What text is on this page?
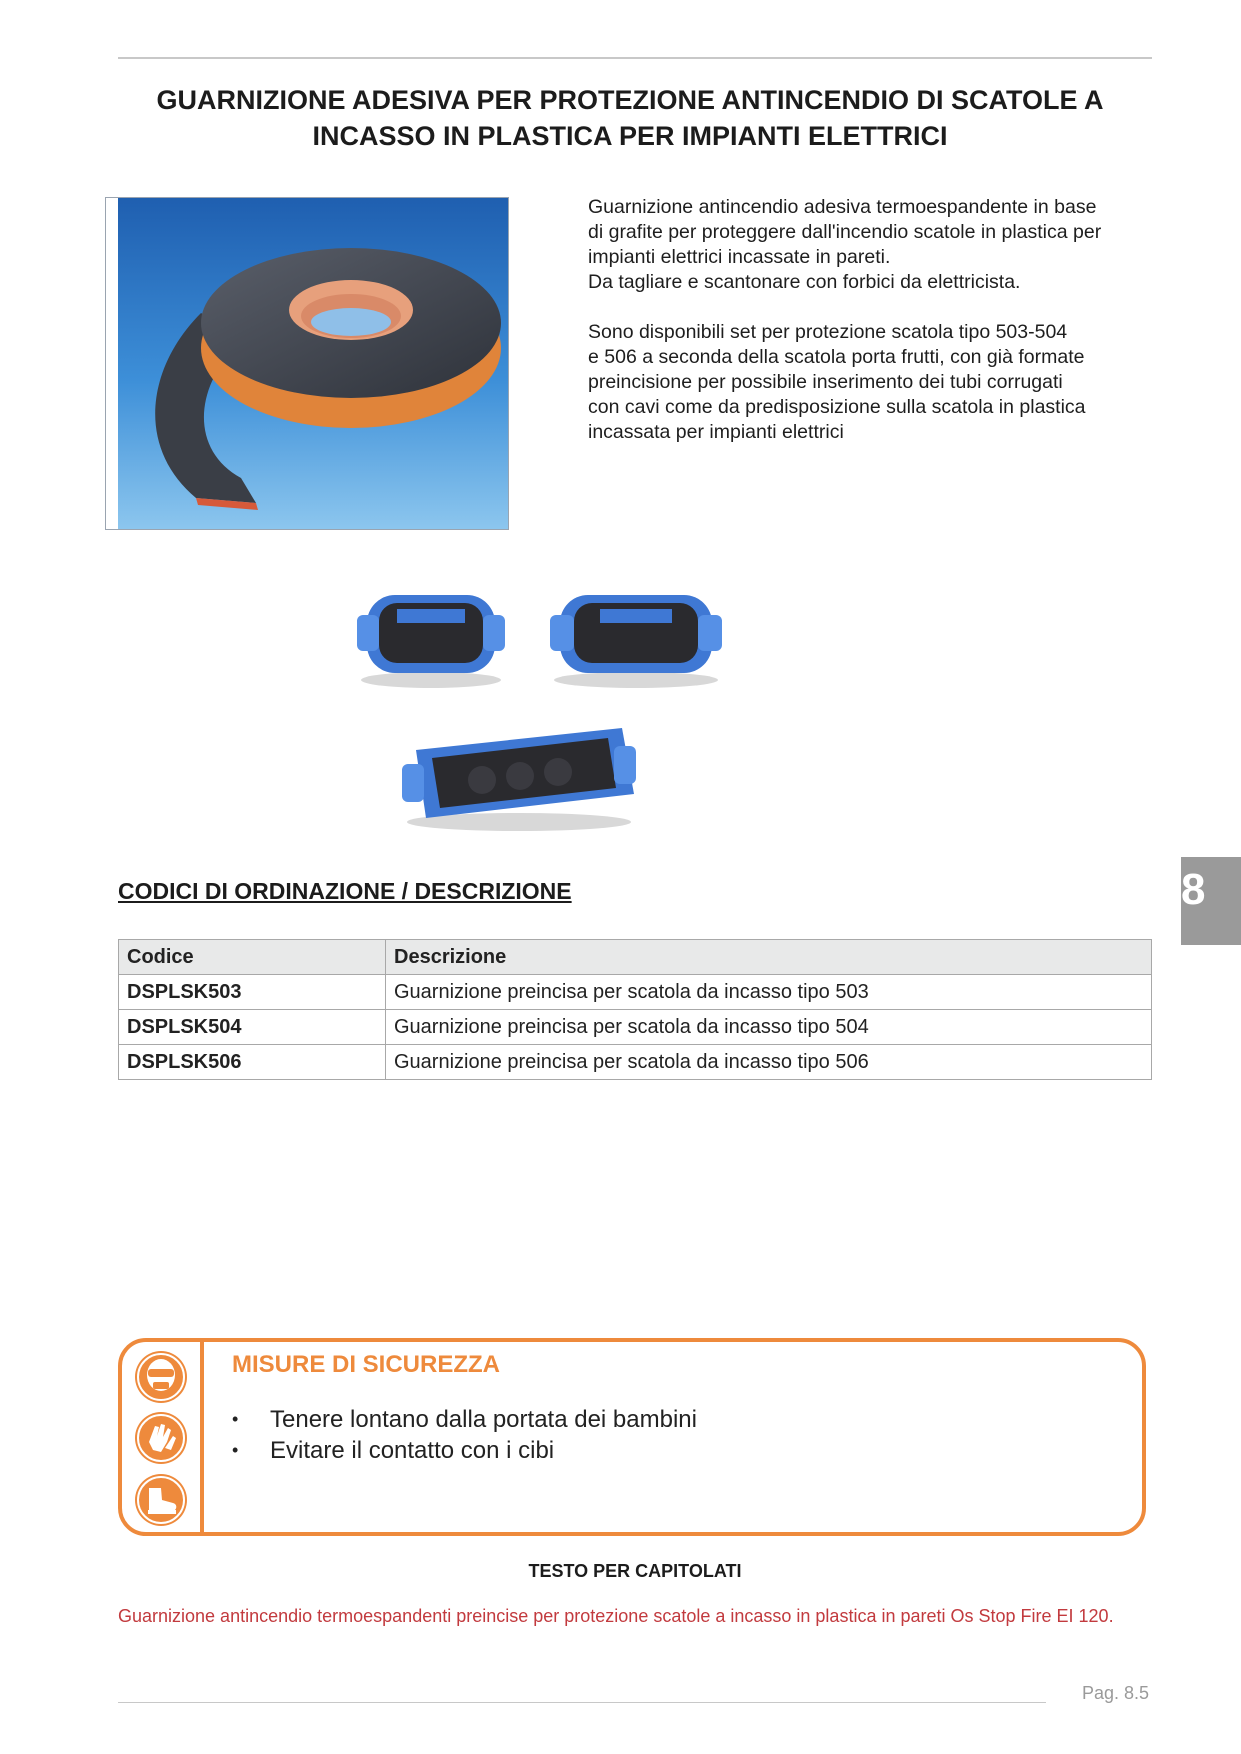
GUARNIZIONE ADESIVA PER PROTEZIONE ANTINCENDIO DI SCATOLE A
INCASSO IN PLASTICA PER IMPIANTI ELETTRICI

Guarnizione antincendio adesiva termoespandente in base
di grafite per proteggere dall'incendio scatole in plastica per
impianti elettrici incassate in pareti.
Da tagliare e scantonare con forbici da elettricista.

Sono disponibili set per protezione scatola tipo 503-504
e 506 a seconda della scatola porta frutti, con già formate
preincisione per possibile inserimento dei tubi corrugati
con cavi come da predisposizione sulla scatola in plastica
incassata per impianti elettrici

8
CODICI DI ORDINAZIONE / DESCRIZIONE
Codice	Descrizione
DSPLSK503	Guarnizione preincisa per scatola da incasso tipo 503
DSPLSK504	Guarnizione preincisa per scatola da incasso tipo 504
DSPLSK506	Guarnizione preincisa per scatola da incasso tipo 506
MISURE DI SICUREZZA
• Tenere lontano dalla portata dei bambini
• Evitare il contatto con i cibi
TESTO PER CAPITOLATI
Guarnizione antincendio termoespandenti preincise per protezione scatole a incasso in plastica in pareti Os Stop Fire EI 120.
Pag. 8.5
